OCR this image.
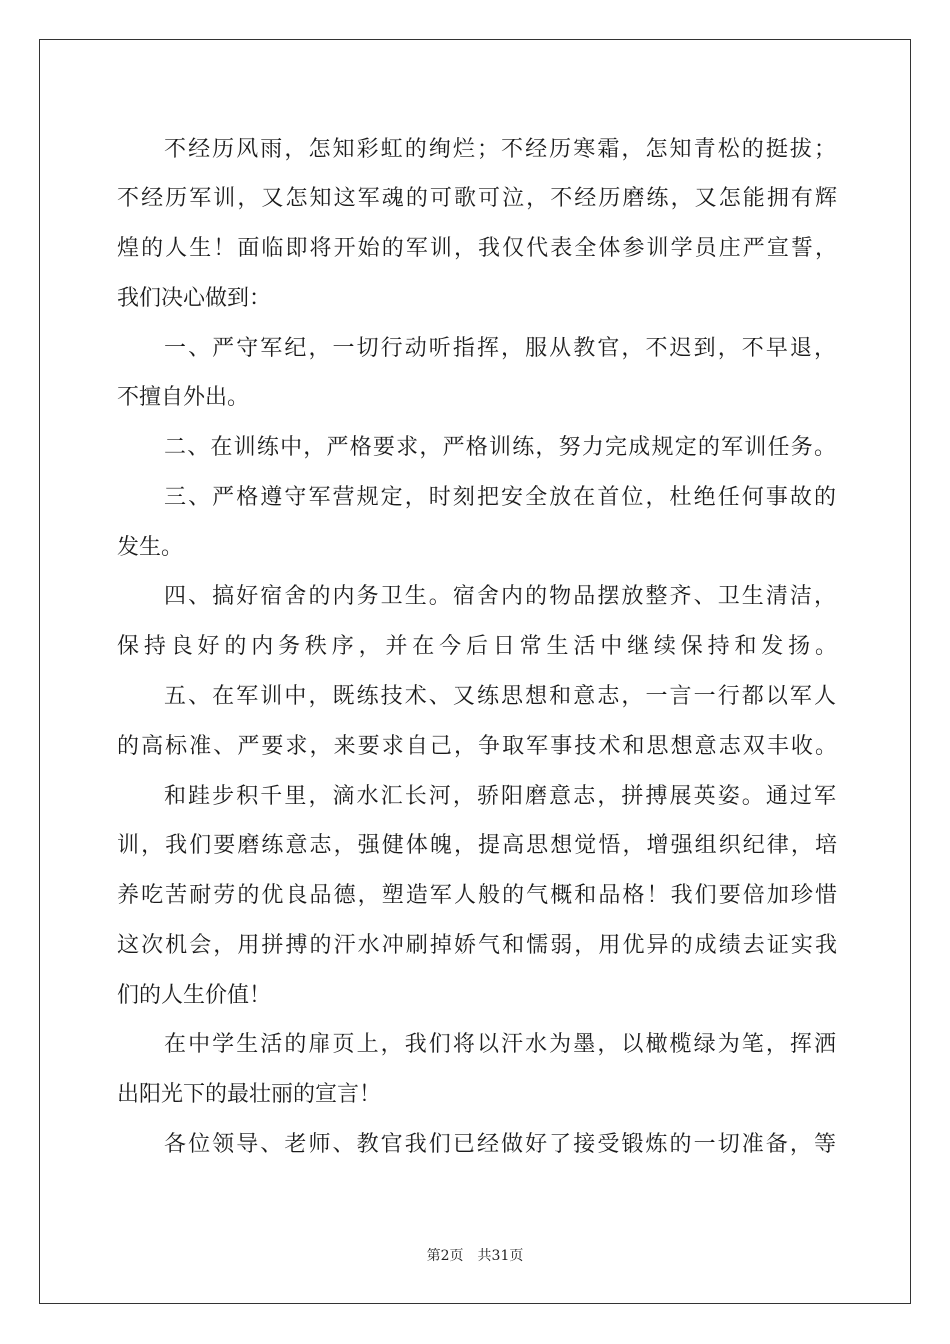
不经历风雨，怎知彩虹的绚烂；不经历寒霜，怎知青松的挺拔；
不经历军训，又怎知这军魂的可歌可泣，不经历磨练，又怎能拥有辉
煌的人生！面临即将开始的军训，我仅代表全体参训学员庄严宣誓，
我们决心做到：
一、严守军纪，一切行动听指挥，服从教官，不迟到，不早退，
不擅自外出。
二、在训练中，严格要求，严格训练，努力完成规定的军训任务。
三、严格遵守军营规定，时刻把安全放在首位，杜绝任何事故的
发生。
四、搞好宿舍的内务卫生。宿舍内的物品摆放整齐、卫生清洁，
保持良好的内务秩序，并在今后日常生活中继续保持和发扬。
五、在军训中，既练技术、又练思想和意志，一言一行都以军人
的高标准、严要求，来要求自己，争取军事技术和思想意志双丰收。
和跬步积千里，滴水汇长河，骄阳磨意志，拼搏展英姿。通过军
训，我们要磨练意志，强健体魄，提高思想觉悟，增强组织纪律，培
养吃苦耐劳的优良品德，塑造军人般的气概和品格！我们要倍加珍惜
这次机会，用拼搏的汗水冲刷掉娇气和懦弱，用优异的成绩去证实我
们的人生价值！
在中学生活的扉页上，我们将以汗水为墨，以橄榄绿为笔，挥洒
出阳光下的最壮丽的宣言！
各位领导、老师、教官我们已经做好了接受锻炼的一切准备，等
第2页 共31页
